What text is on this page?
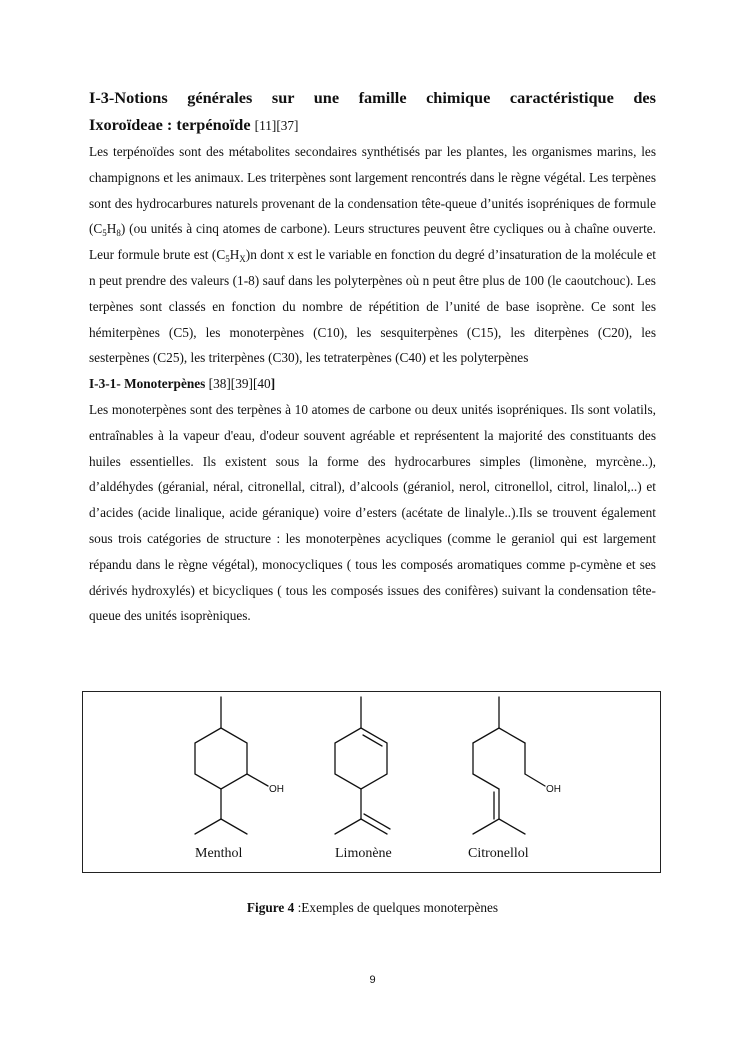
I-3-Notions générales sur une famille chimique caractéristique des

Ixoroïdeae : terpénoïde [11][37]

Les terpénoïdes sont des métabolites secondaires synthétisés par les plantes, les organismes marins, les champignons et les animaux. Les triterpènes sont largement rencontrés dans le règne végétal. Les terpènes sont des hydrocarbures naturels provenant de la condensation tête-queue d’unités isopréniques de formule $(C_5H_8)$ (ou unités à cinq atomes de carbone). Leurs structures peuvent être cycliques ou à chaîne ouverte. Leur formule brute est $(C_5H_X)n$ dont x est le variable en fonction du degré d’insaturation de la molécule et n peut prendre des valeurs (1-8) sauf dans les polyterpènes où n peut être plus de 100 (le caoutchouc). Les terpènes sont classés en fonction du nombre de répétition de l’unité de base isoprène. Ce sont les hémiterpènes (C5), les monoterpènes (C10), les sesquiterpènes (C15), les diterpènes (C20), les sesterpènes (C25), les triterpènes (C30), les tetraterpènes (C40) et les polyterpènes

I-3-1- Monoterpènes [38][39][40]

Les monoterpènes sont des terpènes à 10 atomes de carbone ou deux unités isopréniques. Ils sont volatils, entraînables à la vapeur d'eau, d'odeur souvent agréable et représentent la majorité des constituants des huiles essentielles. Ils existent sous la forme des hydrocarbures simples (limonène, myrcène..), d’aldéhydes (géranial, néral, citronellal, citral), d’alcools (géraniol, nerol, citronellol, citrol, linalol,..) et d’acides (acide linalique, acide géranique) voire d’esters (acétate de linalyle..).Ils se trouvent également sous trois catégories de structure : les monoterpènes acycliques (comme le geraniol qui est largement répandu dans le règne végétal), monocycliques ( tous les composés aromatiques comme p-cymène et ses dérivés hydroxylés) et bicycliques ( tous les composés issues des conifères) suivant la condensation tête-queue des unités isoprèniques.

OH	OH
Menthol	Limonène	Citronellol
Figure 4 :Exemples de quelques monoterpènes
9
